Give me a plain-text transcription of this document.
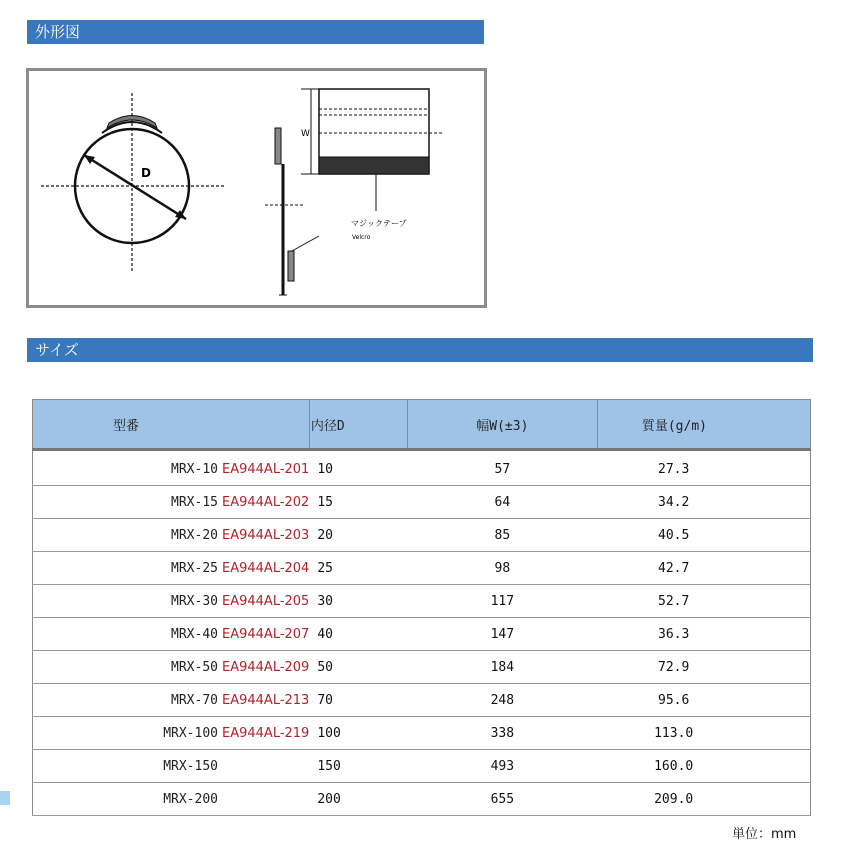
外形図
D
W
マジックテープ
Velcro
サイズ
型番		内径D	幅W(±3)	質量(g/m)

MRX-10	EA944AL-201	10	57	27.3
MRX-15	EA944AL-202	15	64	34.2
MRX-20	EA944AL-203	20	85	40.5
MRX-25	EA944AL-204	25	98	42.7
MRX-30	EA944AL-205	30	117	52.7
MRX-40	EA944AL-207	40	147	36.3
MRX-50	EA944AL-209	50	184	72.9
MRX-70	EA944AL-213	70	248	95.6
MRX-100	EA944AL-219	100	338	113.0
MRX-150		150	493	160.0
MRX-200		200	655	209.0
単位：mm
